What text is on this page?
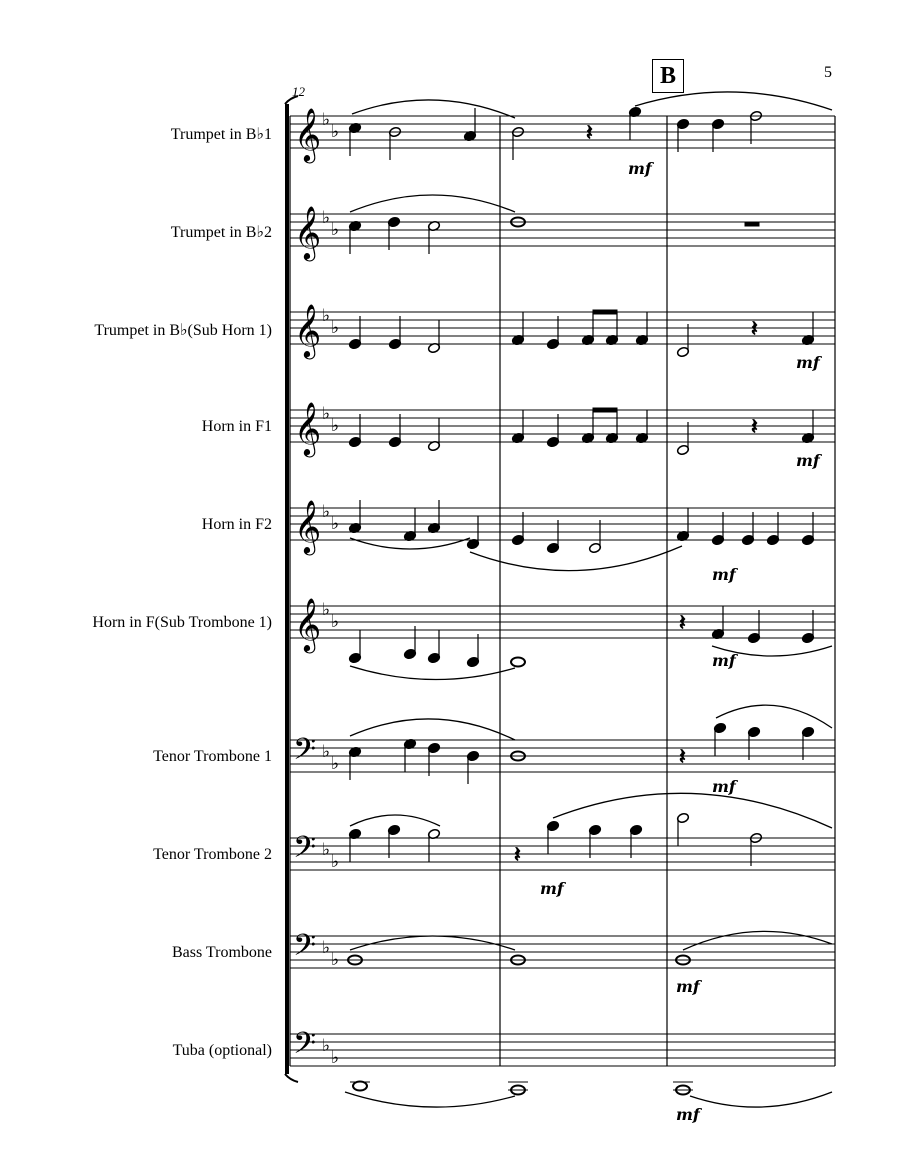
5
12
B
Trumpet in B♭1
Trumpet in B♭2
Trumpet in B♭(Sub Horn 1)
Horn in F1
Horn in F2
Horn in F(Sub Trombone 1)
Tenor Trombone 1
Tenor Trombone 2
Bass Trombone
Tuba (optional)
𝄞 ♭
♭
𝄞 ♭
♭
𝄞 ♭
♭
𝄞 ♭
♭
𝄞 ♭
♭
𝄞 ♭
♭
𝄢 ♭
♭
𝄢 ♭
♭
𝄢 ♭
♭
𝄢 ♭
♭
𝄽
𝄽
𝄽
𝄽
𝄽
𝄽
mf
mf
mf
mf
mf
mf
mf
mf
mf
